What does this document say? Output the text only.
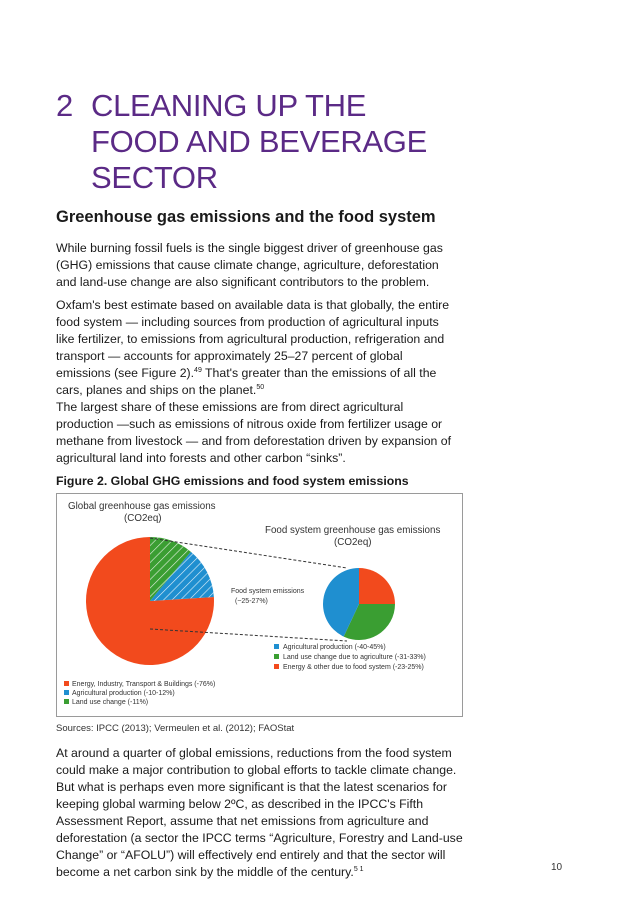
2 CLEANING UP THE
FOOD AND BEVERAGE
SECTOR
Greenhouse gas emissions and the food system
While burning fossil fuels is the single biggest driver of greenhouse gas
(GHG) emissions that cause climate change, agriculture, deforestation
and land-use change are also significant contributors to the problem.
Oxfam's best estimate based on available data is that globally, the entire
food system — including sources from production of agricultural inputs
like fertilizer, to emissions from agricultural production, refrigeration and
transport — accounts for approximately 25–27 percent of global
emissions (see Figure 2).$^{49}$ That's greater than the emissions of all the
cars, planes and ships on the planet.$^{50}$
The largest share of these emissions are from direct agricultural
production —such as emissions of nitrous oxide from fertilizer usage or
methane from livestock — and from deforestation driven by expansion of
agricultural land into forests and other carbon “sinks”.
Figure 2. Global GHG emissions and food system emissions
Global greenhouse gas emissions
(CO2eq)
Food system greenhouse gas emissions
(CO2eq)
Food system emissions
(~25-27%)
Energy, Industry, Transport & Buildings (-76%)
Agricultural production (-10-12%)
Land use change (-11%)
Agricultural production (-40-45%)
Land use change due to agriculture (-31-33%)
Energy & other due to food system (-23-25%)
Sources: IPCC (2013); Vermeulen et al. (2012); FAOStat
At around a quarter of global emissions, reductions from the food system
could make a major contribution to global efforts to tackle climate change.
But what is perhaps even more significant is that the latest scenarios for
keeping global warming below 2ºC, as described in the IPCC's Fifth
Assessment Report, assume that net emissions from agriculture and
deforestation (a sector the IPCC terms “Agriculture, Forestry and Land-use
Change” or “AFOLU”) will effectively end entirely and that the sector will
become a net carbon sink by the middle of the century.$^{5 1}$	10
